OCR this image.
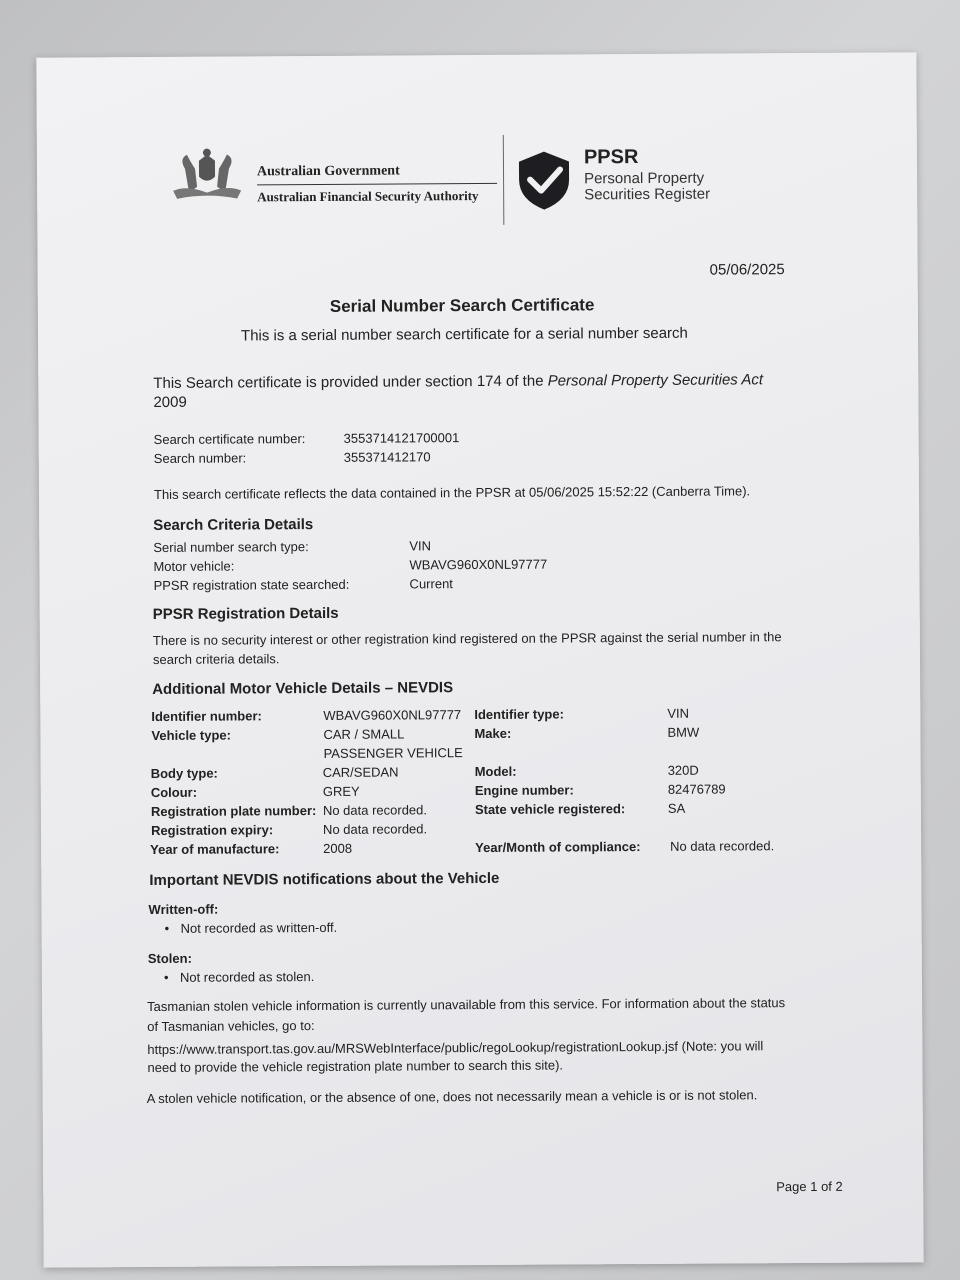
Australian Government
Australian Financial Security Authority
PPSR
Personal Property
Securities Register
05/06/2025
Serial Number Search Certificate
This is a serial number search certificate for a serial number search
This Search certificate is provided under section 174 of the Personal Property Securities Act
2009
Search certificate number:	3553714121700001
Search number:	355371412170
This search certificate reflects the data contained in the PPSR at 05/06/2025 15:52:22 (Canberra Time).
Search Criteria Details
Serial number search type:	VIN
Motor vehicle:	WBAVG960X0NL97777
PPSR registration state searched:	Current
PPSR Registration Details
There is no security interest or other registration kind registered on the PPSR against the serial number in the
search criteria details.
Additional Motor Vehicle Details – NEVDIS
Identifier number:	WBAVG960X0NL97777
Vehicle type:	CAR / SMALL
PASSENGER VEHICLE
Body type:	CAR/SEDAN
Colour:	GREY
Registration plate number: No data recorded.
Registration expiry:	No data recorded.
Year of manufacture:	2008
Identifier type:	VIN
Make:	BMW
Model:	320D
Engine number:	82476789
State vehicle registered:	SA
Year/Month of compliance: No data recorded.
Important NEVDIS notifications about the Vehicle
Written-off:
• Not recorded as written-off.
Stolen:
• Not recorded as stolen.
Tasmanian stolen vehicle information is currently unavailable from this service. For information about the status
of Tasmanian vehicles, go to:
https://www.transport.tas.gov.au/MRSWebInterface/public/regoLookup/registrationLookup.jsf (Note: you will
need to provide the vehicle registration plate number to search this site).
A stolen vehicle notification, or the absence of one, does not necessarily mean a vehicle is or is not stolen.
Page 1 of 2
